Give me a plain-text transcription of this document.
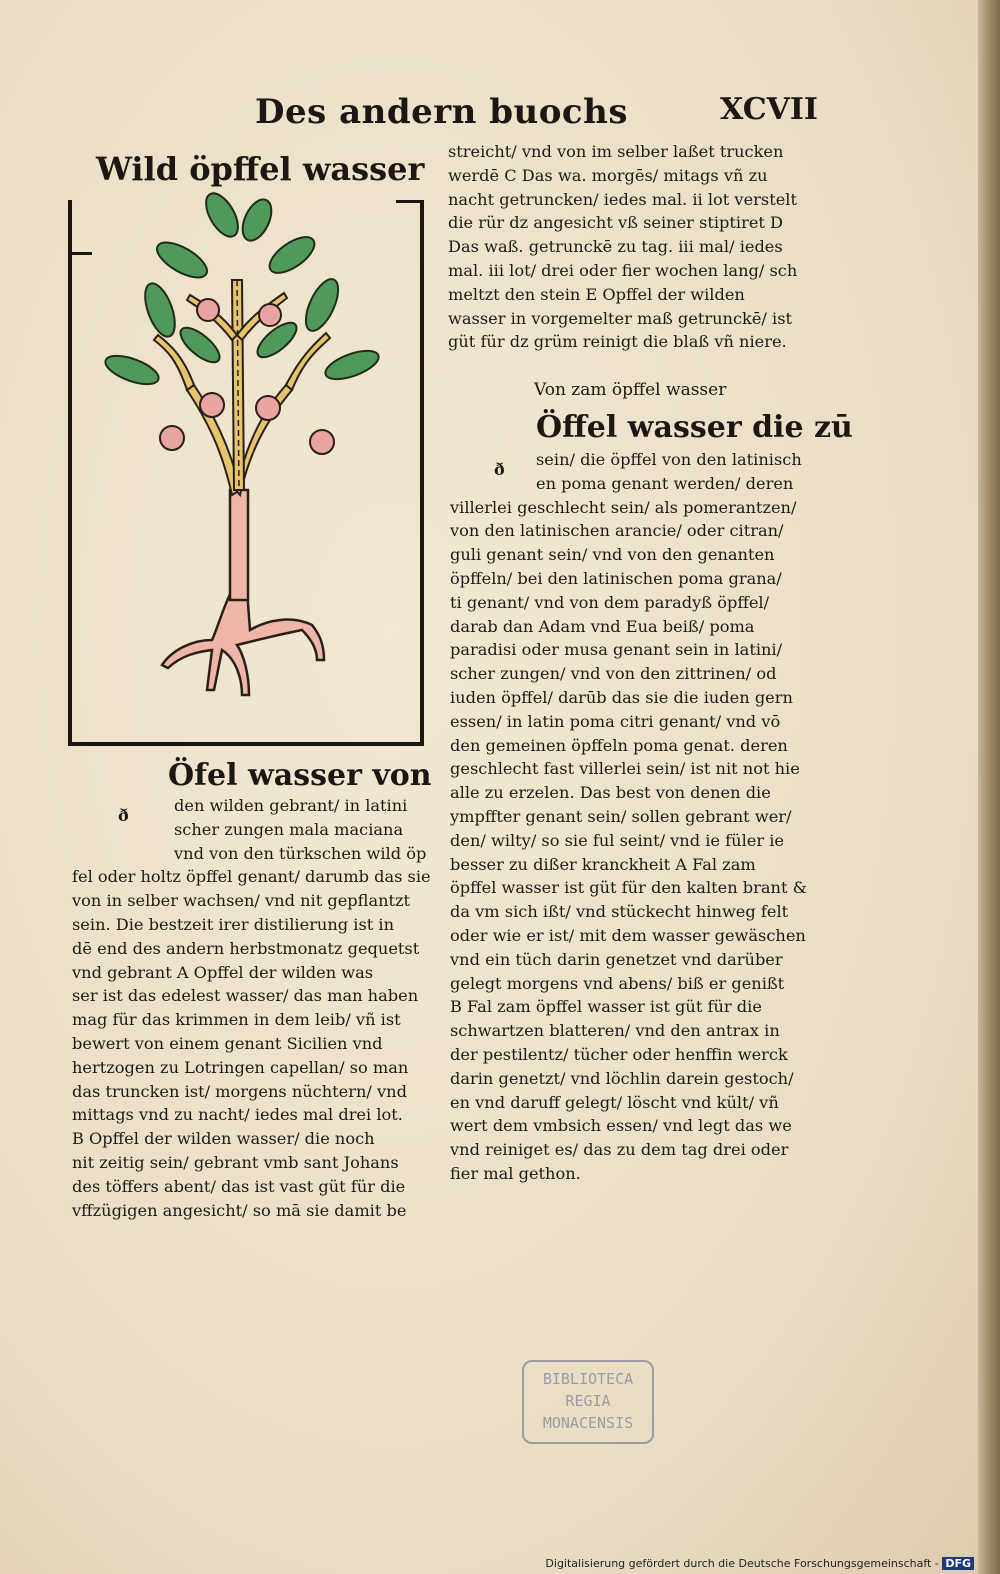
Des andern buochs	XCVII
Wild öpffel wasser
Öfel wasser von
ð
den wilden gebrant/ in latini
scher zungen mala maciana
vnd von den türkschen wild öp
fel oder holtz öpffel genant/ darumb das sie
von in selber wachsen/ vnd nit gepflantzt
sein. Die bestzeit irer distilierung ist in
dē end des andern herbstmonatz gequetst
vnd gebrant A Opffel der wilden was
ser ist das edelest wasser/ das man haben
mag für das krimmen in dem leib/ vñ ist
bewert von einem genant Sicilien vnd
hertzogen zu Lotringen capellan/ so man
das truncken ist/ morgens nüchtern/ vnd
mittags vnd zu nacht/ iedes mal drei lot.
B Opffel der wilden wasser/ die noch
nit zeitig sein/ gebrant vmb sant Johans
des töffers abent/ das ist vast güt für die
vffzügigen angesicht/ so mā sie damit be
streicht/ vnd von im selber laßet trucken
werdē C Das wa. morgēs/ mitags vñ zu
nacht getruncken/ iedes mal. ii lot verstelt
die rür dz angesicht vß seiner stiptiret D
Das waß. getrunckē zu tag. iii mal/ iedes
mal. iii lot/ drei oder fier wochen lang/ sch
meltzt den stein E Opffel der wilden
wasser in vorgemelter maß getrunckē/ ist
güt für dz grüm reinigt die blaß vñ niere.
Von zam öpffel wasser
Öffel wasser die zū
ð
sein/ die öpffel von den latinisch
en poma genant werden/ deren
villerlei geschlecht sein/ als pomerantzen/
von den latinischen arancie/ oder citran/
guli genant sein/ vnd von den genanten
öpffeln/ bei den latinischen poma grana/
ti genant/ vnd von dem paradyß öpffel/
darab dan Adam vnd Eua beiß/ poma
paradisi oder musa genant sein in latini/
scher zungen/ vnd von den zittrinen/ od
iuden öpffel/ darūb das sie die iuden gern
essen/ in latin poma citri genant/ vnd vō
den gemeinen öpffeln poma genat. deren
geschlecht fast villerlei sein/ ist nit not hie
alle zu erzelen. Das best von denen die
ympffter genant sein/ sollen gebrant wer/
den/ wilty/ so sie ful seint/ vnd ie füler ie
besser zu dißer kranckheit A Fal zam
öpffel wasser ist güt für den kalten brant &
da vm sich ißt/ vnd stückecht hinweg felt
oder wie er ist/ mit dem wasser gewäschen
vnd ein tüch darin genetzet vnd darüber
gelegt morgens vnd abens/ biß er genißt
B Fal zam öpffel wasser ist güt für die
schwartzen blatteren/ vnd den antrax in
der pestilentz/ tücher oder henffin werck
darin genetzt/ vnd löchlin darein gestoch/
en vnd daruff gelegt/ löscht vnd kült/ vñ
wert dem vmbsich essen/ vnd legt das we
vnd reiniget es/ das zu dem tag drei oder
fier mal gethon.
BIBLIOTECA
REGIA
MONACENSIS
Digitalisierung gefördert durch die Deutsche Forschungsgemeinschaft - DFG
